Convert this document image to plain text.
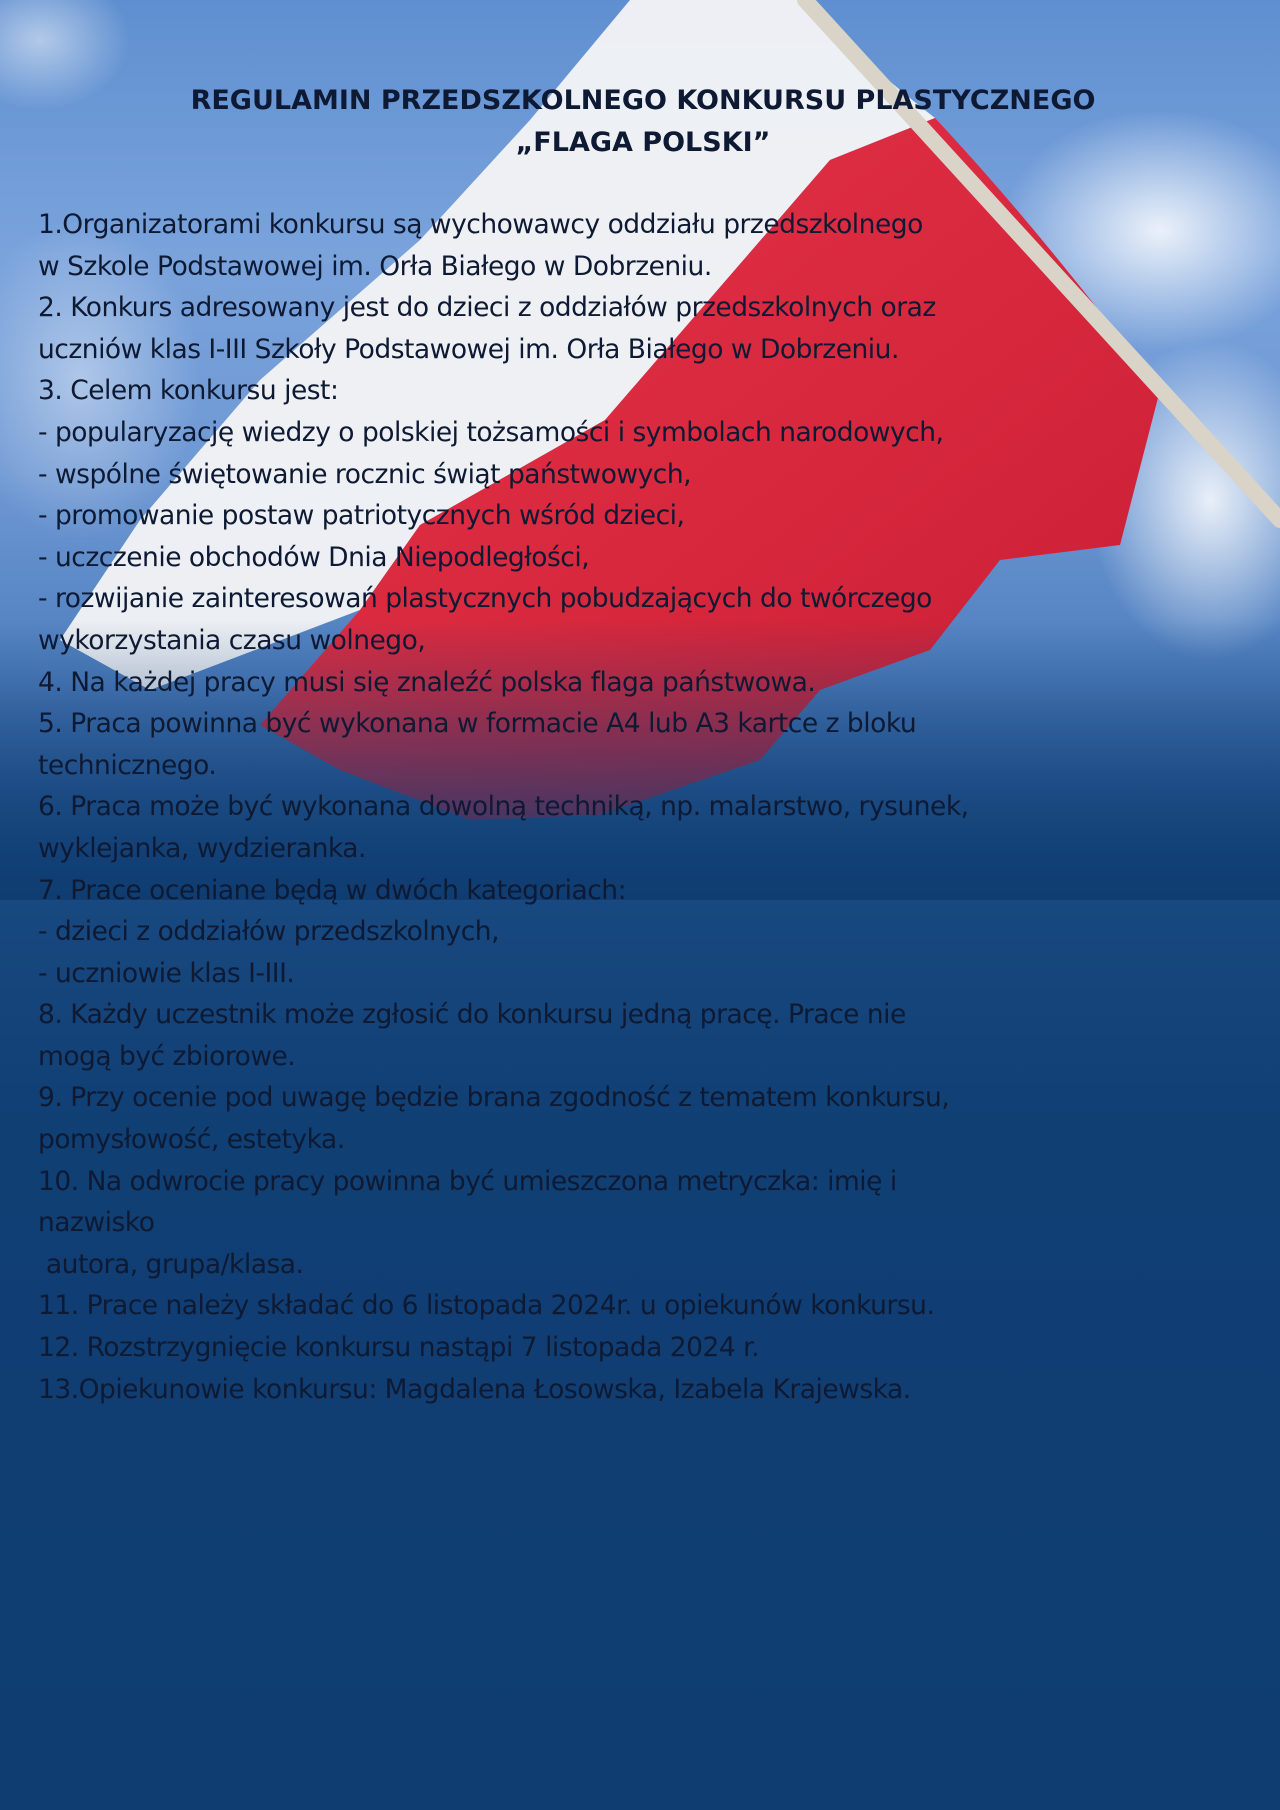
REGULAMIN PRZEDSZKOLNEGO KONKURSU PLASTYCZNEGO
„FLAGA POLSKI”
1.Organizatorami konkursu są wychowawcy oddziału przedszkolnego
w Szkole Podstawowej im. Orła Białego w Dobrzeniu.
2. Konkurs adresowany jest do dzieci z oddziałów przedszkolnych oraz
uczniów klas I-III Szkoły Podstawowej im. Orła Białego w Dobrzeniu.
3. Celem konkursu jest:
- popularyzację wiedzy o polskiej tożsamości i symbolach narodowych,
- wspólne świętowanie rocznic świąt państwowych,
- promowanie postaw patriotycznych wśród dzieci,
- uczczenie obchodów Dnia Niepodległości,
- rozwijanie zainteresowań plastycznych pobudzających do twórczego
wykorzystania czasu wolnego,
4. Na każdej pracy musi się znaleźć polska flaga państwowa.
5. Praca powinna być wykonana w formacie A4 lub A3 kartce z bloku
technicznego.
6. Praca może być wykonana dowolną techniką, np. malarstwo, rysunek,
wyklejanka, wydzieranka.
7. Prace oceniane będą w dwóch kategoriach:
- dzieci z oddziałów przedszkolnych,
- uczniowie klas I-III.
8. Każdy uczestnik może zgłosić do konkursu jedną pracę. Prace nie
mogą być zbiorowe.
9. Przy ocenie pod uwagę będzie brana zgodność z tematem konkursu,
pomysłowość, estetyka.
10. Na odwrocie pracy powinna być umieszczona metryczka: imię i
nazwisko
autora, grupa/klasa.
11. Prace należy składać do 6 listopada 2024r. u opiekunów konkursu.
12. Rozstrzygnięcie konkursu nastąpi 7 listopada 2024 r.
13.Opiekunowie konkursu: Magdalena Łosowska, Izabela Krajewska.
